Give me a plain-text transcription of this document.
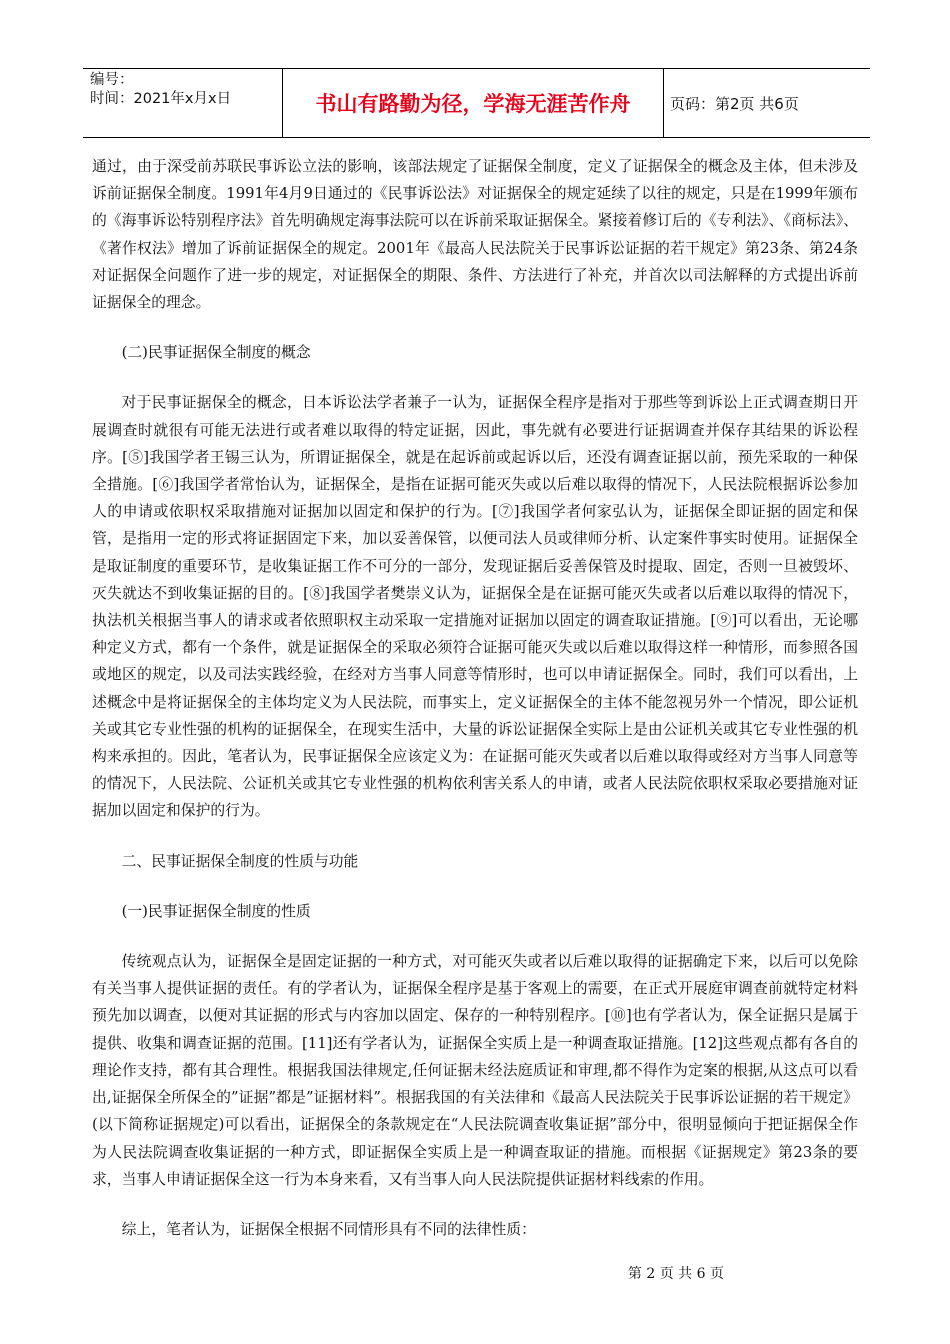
编号：
时间：2021年x月x日	书山有路勤为径，学海无涯苦作舟	页码：第2页 共6页

通过，由于深受前苏联民事诉讼立法的影响，该部法规定了证据保全制度，定义了证据保全的概念及主体，但未涉及诉前证据保全制度。1991年4月9日通过的《民事诉讼法》对证据保全的规定延续了以往的规定，只是在1999年颁布的《海事诉讼特别程序法》首先明确规定海事法院可以在诉前采取证据保全。紧接着修订后的《专利法》、《商标法》、《著作权法》增加了诉前证据保全的规定。2001年《最高人民法院关于民事诉讼证据的若干规定》第23条、第24条对证据保全问题作了进一步的规定，对证据保全的期限、条件、方法进行了补充，并首次以司法解释的方式提出诉前证据保全的理念。

(二)民事证据保全制度的概念

对于民事证据保全的概念，日本诉讼法学者兼子一认为，证据保全程序是指对于那些等到诉讼上正式调查期日开展调查时就很有可能无法进行或者难以取得的特定证据，因此，事先就有必要进行证据调查并保存其结果的诉讼程序。[⑤]我国学者王锡三认为，所谓证据保全，就是在起诉前或起诉以后，还没有调查证据以前，预先采取的一种保全措施。[⑥]我国学者常怡认为，证据保全，是指在证据可能灭失或以后难以取得的情况下，人民法院根据诉讼参加人的申请或依职权采取措施对证据加以固定和保护的行为。[⑦]我国学者何家弘认为，证据保全即证据的固定和保管，是指用一定的形式将证据固定下来，加以妥善保管，以便司法人员或律师分析、认定案件事实时使用。证据保全是取证制度的重要环节，是收集证据工作不可分的一部分，发现证据后妥善保管及时提取、固定，否则一旦被毁坏、灭失就达不到收集证据的目的。[⑧]我国学者樊崇义认为，证据保全是在证据可能灭失或者以后难以取得的情况下，执法机关根据当事人的请求或者依照职权主动采取一定措施对证据加以固定的调查取证措施。[⑨]可以看出，无论哪种定义方式，都有一个条件，就是证据保全的采取必须符合证据可能灭失或以后难以取得这样一种情形，而参照各国或地区的规定，以及司法实践经验，在经对方当事人同意等情形时，也可以申请证据保全。同时，我们可以看出，上述概念中是将证据保全的主体均定义为人民法院，而事实上，定义证据保全的主体不能忽视另外一个情况，即公证机关或其它专业性强的机构的证据保全，在现实生活中，大量的诉讼证据保全实际上是由公证机关或其它专业性强的机构来承担的。因此，笔者认为，民事证据保全应该定义为：在证据可能灭失或者以后难以取得或经对方当事人同意等的情况下，人民法院、公证机关或其它专业性强的机构依利害关系人的申请，或者人民法院依职权采取必要措施对证据加以固定和保护的行为。

二、民事证据保全制度的性质与功能

(一)民事证据保全制度的性质

传统观点认为，证据保全是固定证据的一种方式，对可能灭失或者以后难以取得的证据确定下来，以后可以免除有关当事人提供证据的责任。有的学者认为，证据保全程序是基于客观上的需要，在正式开展庭审调查前就特定材料预先加以调查，以便对其证据的形式与内容加以固定、保存的一种特别程序。[⑩]也有学者认为，保全证据只是属于提供、收集和调查证据的范围。[11]还有学者认为，证据保全实质上是一种调查取证措施。[12]这些观点都有各自的理论作支持，都有其合理性。根据我国法律规定,任何证据未经法庭质证和审理,都不得作为定案的根据,从这点可以看出,证据保全所保全的”证据”都是”证据材料”。根据我国的有关法律和《最高人民法院关于民事诉讼证据的若干规定》(以下简称证据规定)可以看出，证据保全的条款规定在“人民法院调查收集证据”部分中，很明显倾向于把证据保全作为人民法院调查收集证据的一种方式，即证据保全实质上是一种调查取证的措施。而根据《证据规定》第23条的要求，当事人申请证据保全这一行为本身来看，又有当事人向人民法院提供证据材料线索的作用。

综上，笔者认为，证据保全根据不同情形具有不同的法律性质：

第 2 页 共 6 页
